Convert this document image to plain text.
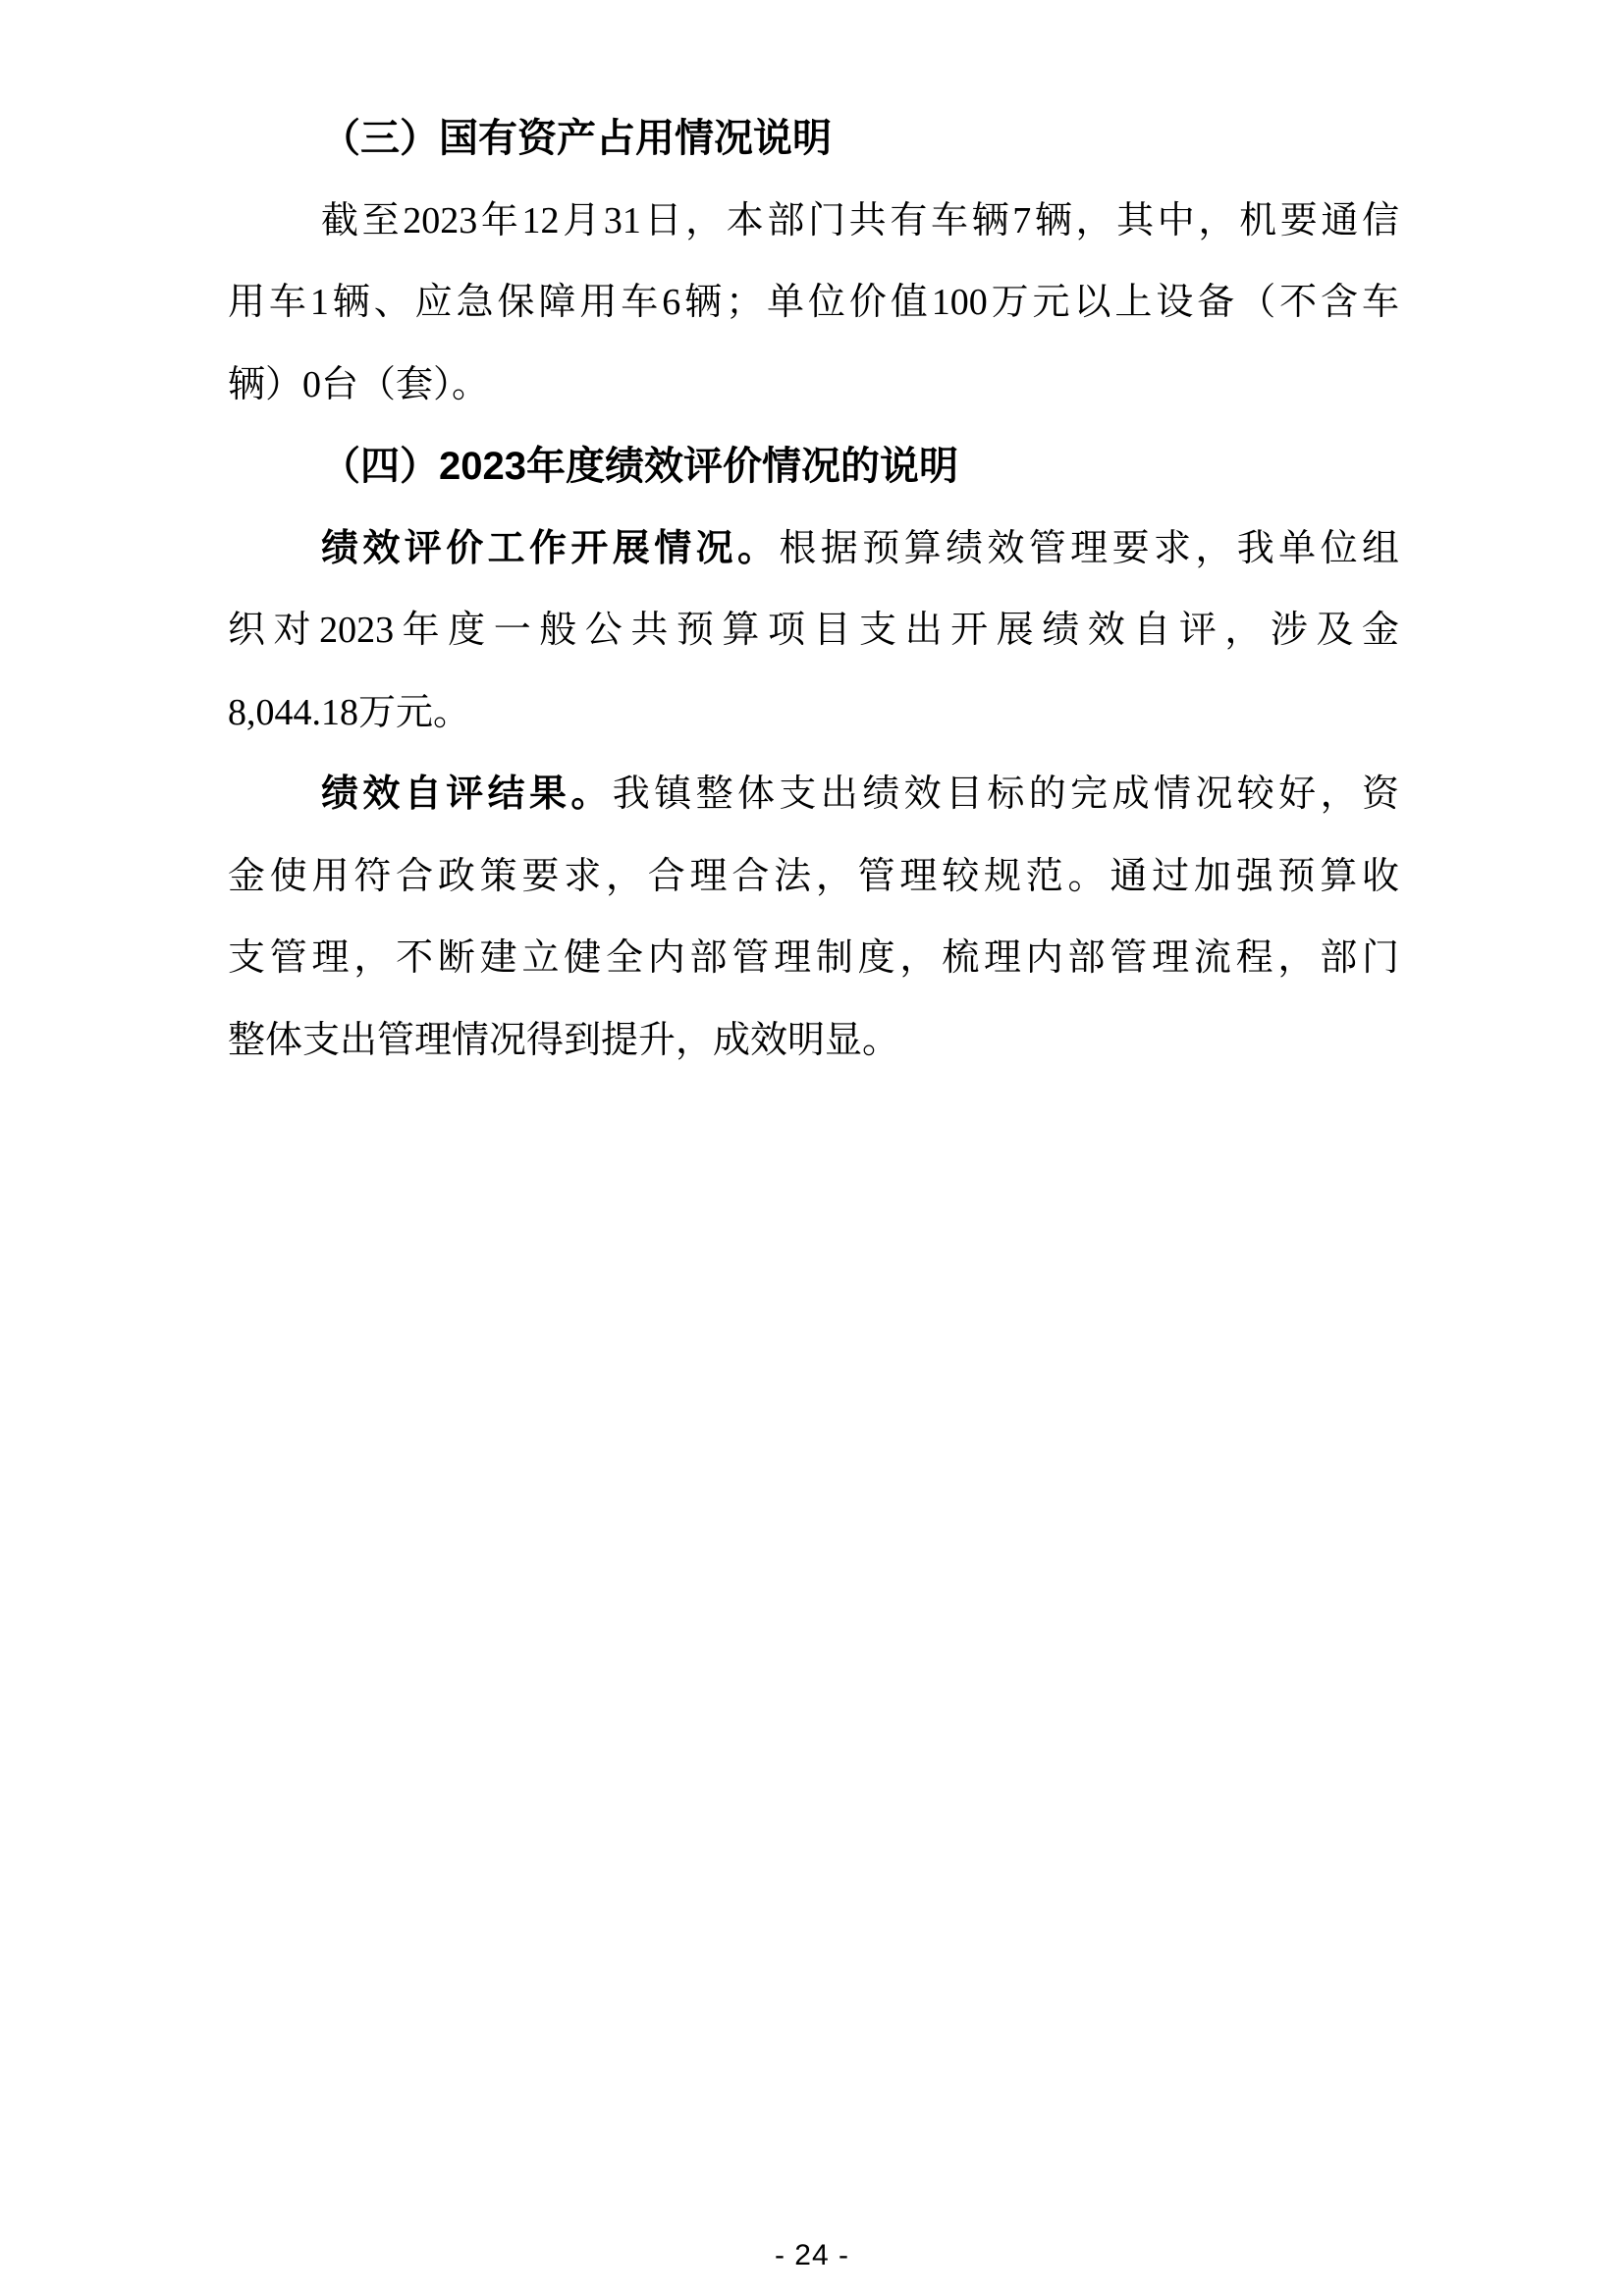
（三）国有资产占用情况说明
截至2023年12月31日，本部门共有车辆7辆，其中，机要通信
用车1辆、应急保障用车6辆；单位价值100万元以上设备（不含车
辆）0台（套）。
（四）2023年度绩效评价情况的说明
绩效评价工作开展情况。根据预算绩效管理要求，我单位组
织对2023年度一般公共预算项目支出开展绩效自评，涉及金
8,044.18万元。
绩效自评结果。我镇整体支出绩效目标的完成情况较好，资
金使用符合政策要求，合理合法，管理较规范。通过加强预算收
支管理，不断建立健全内部管理制度，梳理内部管理流程，部门
整体支出管理情况得到提升，成效明显。
- 24 -
